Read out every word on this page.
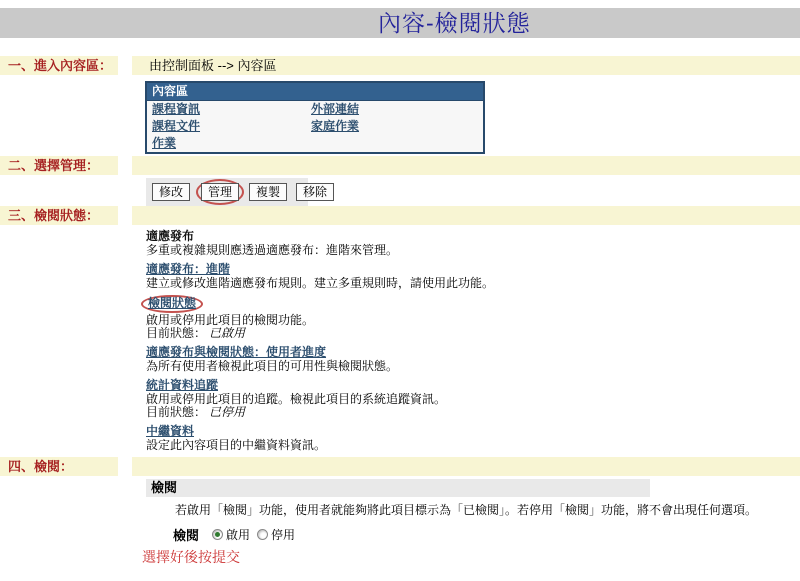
內容-檢閱狀態
一、進入內容區：	由控制面板 --> 內容區
內容區	
課程資訊	外部連結
課程文件	家庭作業
作業	
二、選擇管理：
修改	管理	複製	移除
三、檢閱狀態：
適應發布
多重或複雜規則應透過適應發布：進階來管理。
適應發布：進階
建立或修改進階適應發布規則。建立多重規則時，請使用此功能。
檢閱狀態
啟用或停用此項目的檢閱功能。
目前狀態： 已啟用
適應發布與檢閱狀態：使用者進度
為所有使用者檢視此項目的可用性與檢閱狀態。
統計資料追蹤
啟用或停用此項目的追蹤。檢視此項目的系統追蹤資訊。
目前狀態： 已停用
中繼資料
設定此內容項目的中繼資料資訊。
四、檢閱：
檢閱
若啟用「檢閱」功能，使用者就能夠將此項目標示為「已檢閱」。若停用「檢閱」功能，將不會出現任何選項。
檢閱 啟用 停用
選擇好後按提交
